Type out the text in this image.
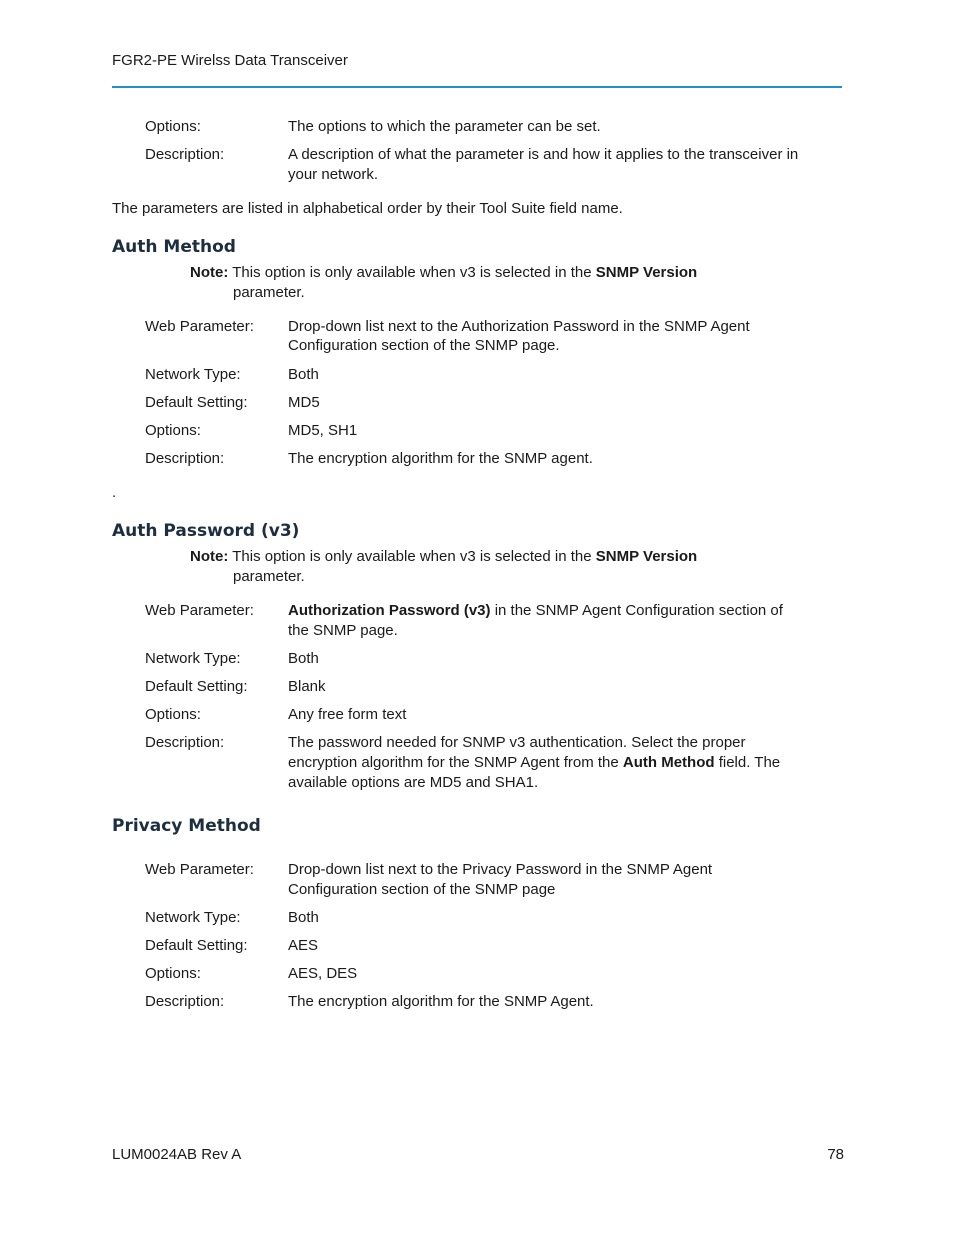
FGR2-PE Wirelss Data Transceiver
Options:	The options to which the parameter can be set.
Description:	A description of what the parameter is and how it applies to the transceiver in
your network.
The parameters are listed in alphabetical order by their Tool Suite field name.
Auth Method
Note: This option is only available when v3 is selected in the SNMP Version
parameter.
Web Parameter: Drop-down list next to the Authorization Password in the SNMP Agent
Configuration section of the SNMP page.
Network Type:	Both
Default Setting:	MD5
Options:	MD5, SH1
Description:	The encryption algorithm for the SNMP agent.
.
Auth Password (v3)
Note: This option is only available when v3 is selected in the SNMP Version
parameter.
Web Parameter: Authorization Password (v3) in the SNMP Agent Configuration section of
the SNMP page.
Network Type:	Both
Default Setting:	Blank
Options:	Any free form text
Description:	The password needed for SNMP v3 authentication. Select the proper
encryption algorithm for the SNMP Agent from the Auth Method field. The
available options are MD5 and SHA1.
Privacy Method
Web Parameter: Drop-down list next to the Privacy Password in the SNMP Agent
Configuration section of the SNMP page
Network Type:	Both
Default Setting:	AES
Options:	AES, DES
Description:	The encryption algorithm for the SNMP Agent.
LUM0024AB Rev A	78
